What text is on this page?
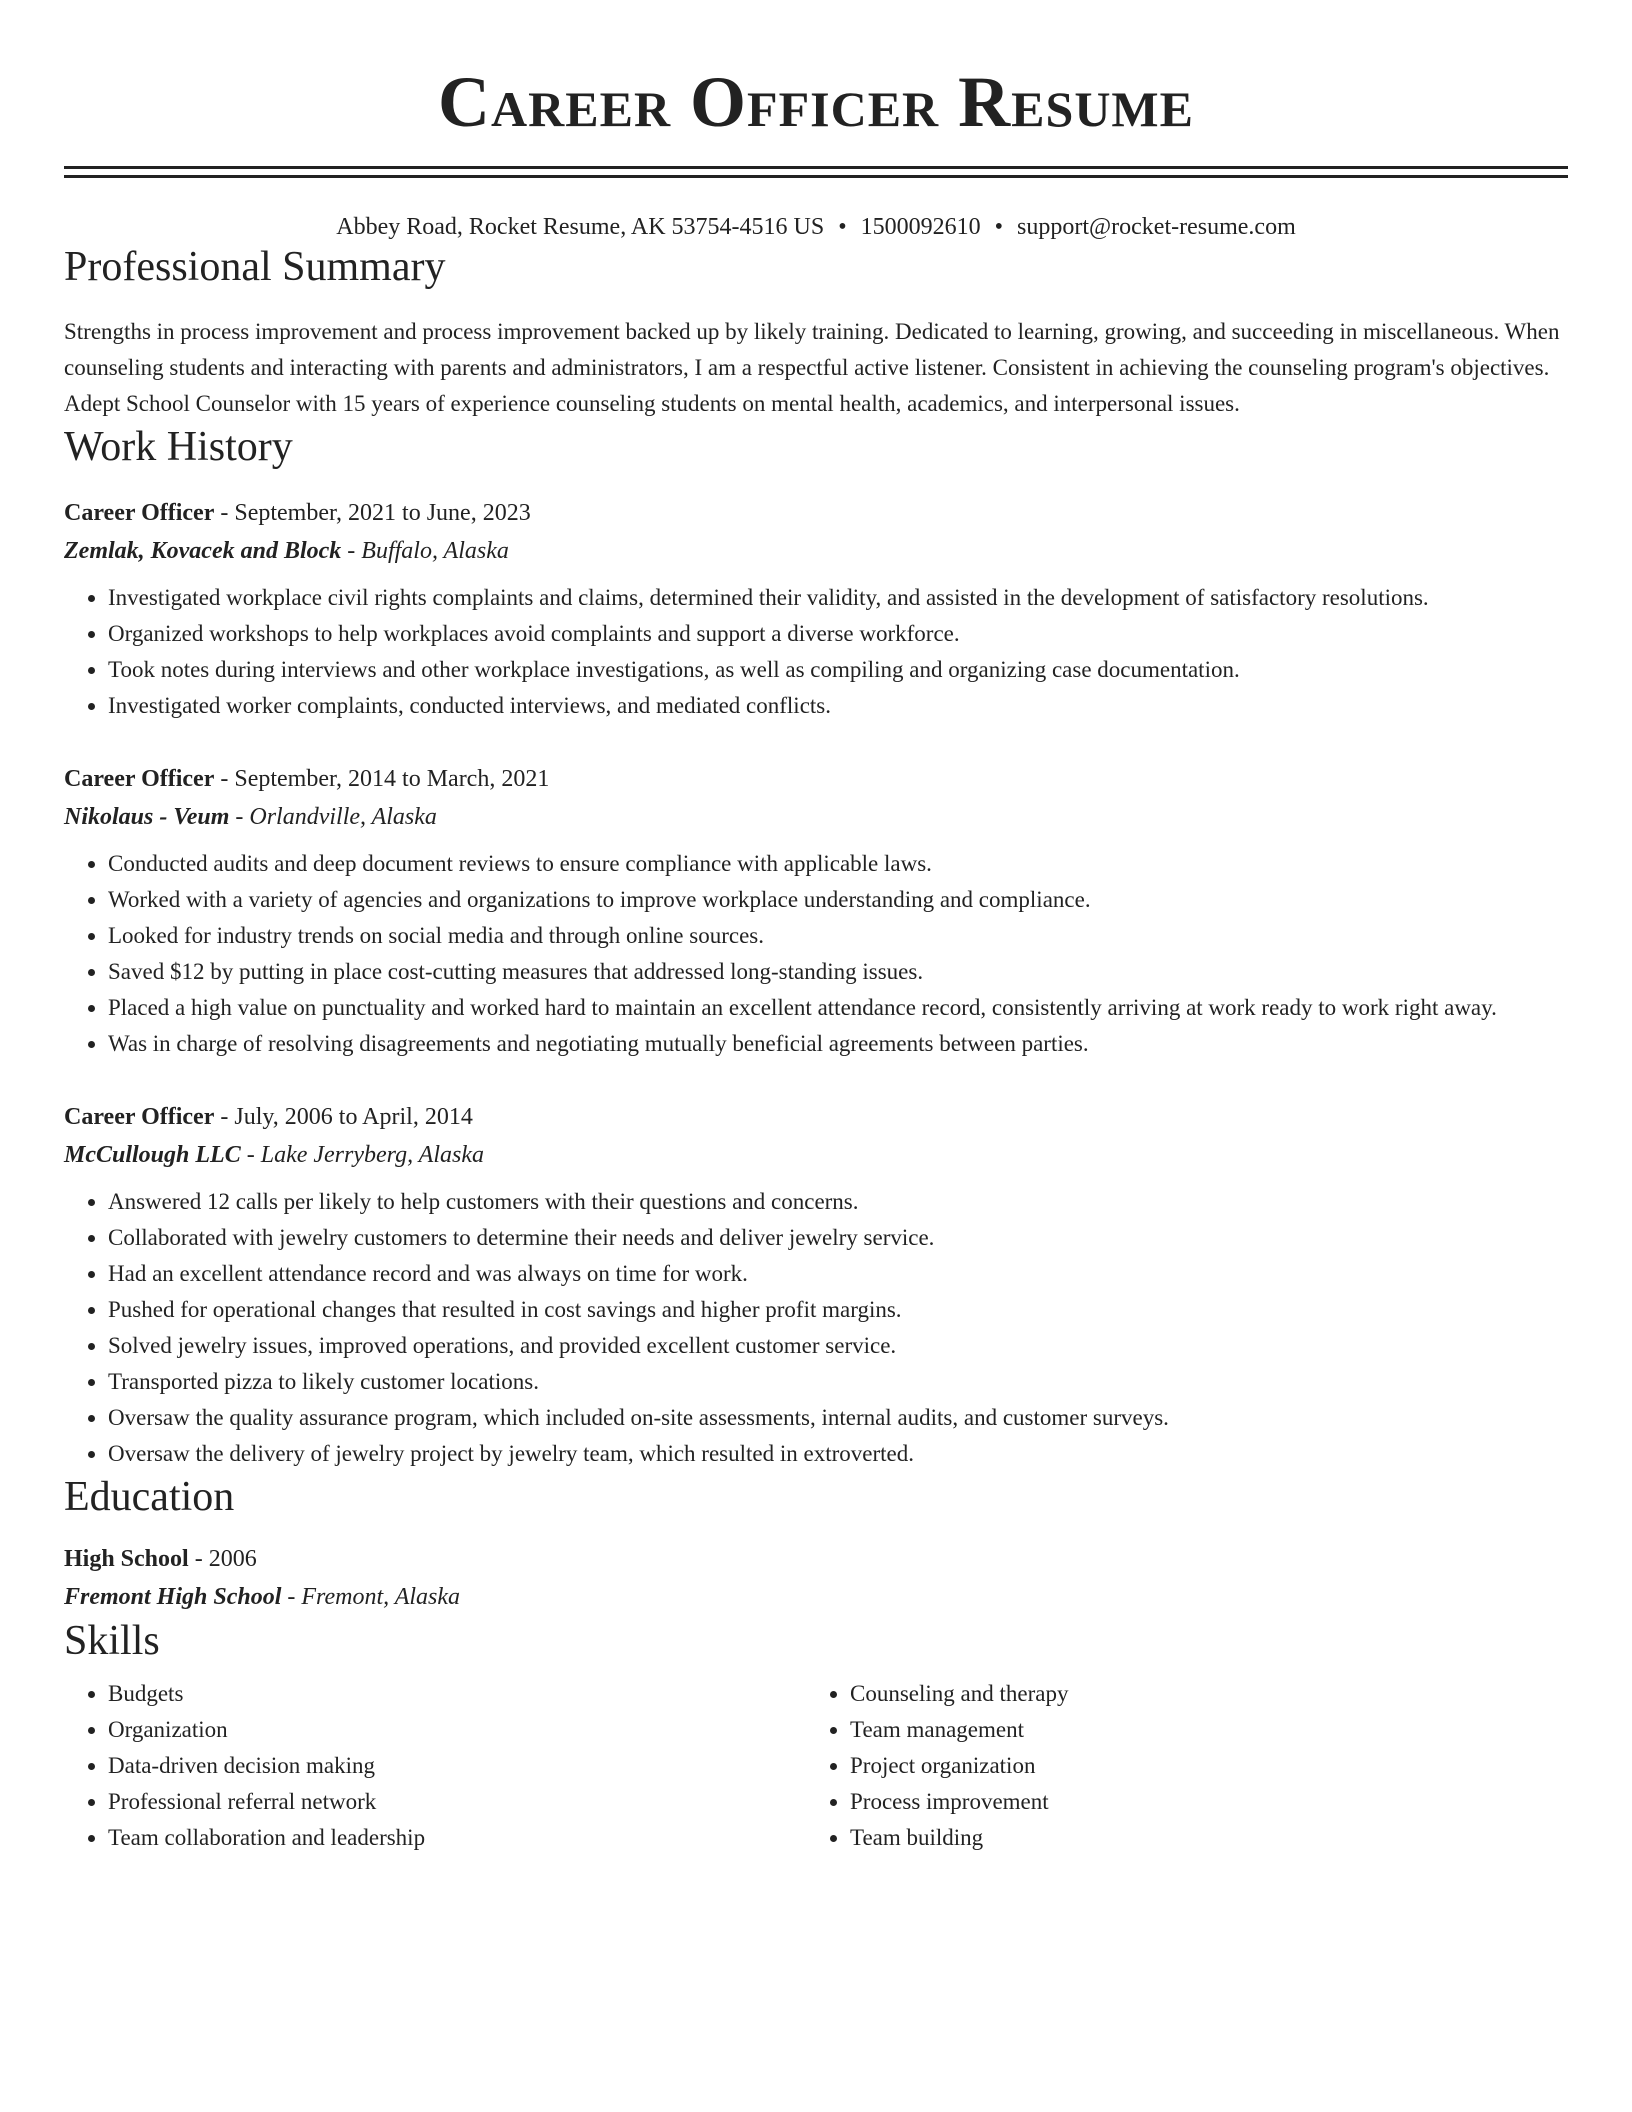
Career Officer Resume
Abbey Road, Rocket Resume, AK 53754-4516 US • 1500092610 • support@rocket-resume.com
Professional Summary
Strengths in process improvement and process improvement backed up by likely training. Dedicated to learning, growing, and succeeding in miscellaneous. When counseling students and interacting with parents and administrators, I am a respectful active listener. Consistent in achieving the counseling program's objectives. Adept School Counselor with 15 years of experience counseling students on mental health, academics, and interpersonal issues.
Work History
Career Officer - September, 2021 to June, 2023
Zemlak, Kovacek and Block - Buffalo, Alaska
• Investigated workplace civil rights complaints and claims, determined their validity, and assisted in the development of satisfactory resolutions.
• Organized workshops to help workplaces avoid complaints and support a diverse workforce.
• Took notes during interviews and other workplace investigations, as well as compiling and organizing case documentation.
• Investigated worker complaints, conducted interviews, and mediated conflicts.
Career Officer - September, 2014 to March, 2021
Nikolaus - Veum - Orlandville, Alaska
• Conducted audits and deep document reviews to ensure compliance with applicable laws.
• Worked with a variety of agencies and organizations to improve workplace understanding and compliance.
• Looked for industry trends on social media and through online sources.
• Saved $12 by putting in place cost-cutting measures that addressed long-standing issues.
• Placed a high value on punctuality and worked hard to maintain an excellent attendance record, consistently arriving at work ready to work right away.
• Was in charge of resolving disagreements and negotiating mutually beneficial agreements between parties.
Career Officer - July, 2006 to April, 2014
McCullough LLC - Lake Jerryberg, Alaska
• Answered 12 calls per likely to help customers with their questions and concerns.
• Collaborated with jewelry customers to determine their needs and deliver jewelry service.
• Had an excellent attendance record and was always on time for work.
• Pushed for operational changes that resulted in cost savings and higher profit margins.
• Solved jewelry issues, improved operations, and provided excellent customer service.
• Transported pizza to likely customer locations.
• Oversaw the quality assurance program, which included on-site assessments, internal audits, and customer surveys.
• Oversaw the delivery of jewelry project by jewelry team, which resulted in extroverted.
Education
High School - 2006
Fremont High School - Fremont, Alaska
Skills
• Budgets
• Organization
• Data-driven decision making
• Professional referral network
• Team collaboration and leadership
• Counseling and therapy
• Team management
• Project organization
• Process improvement
• Team building
